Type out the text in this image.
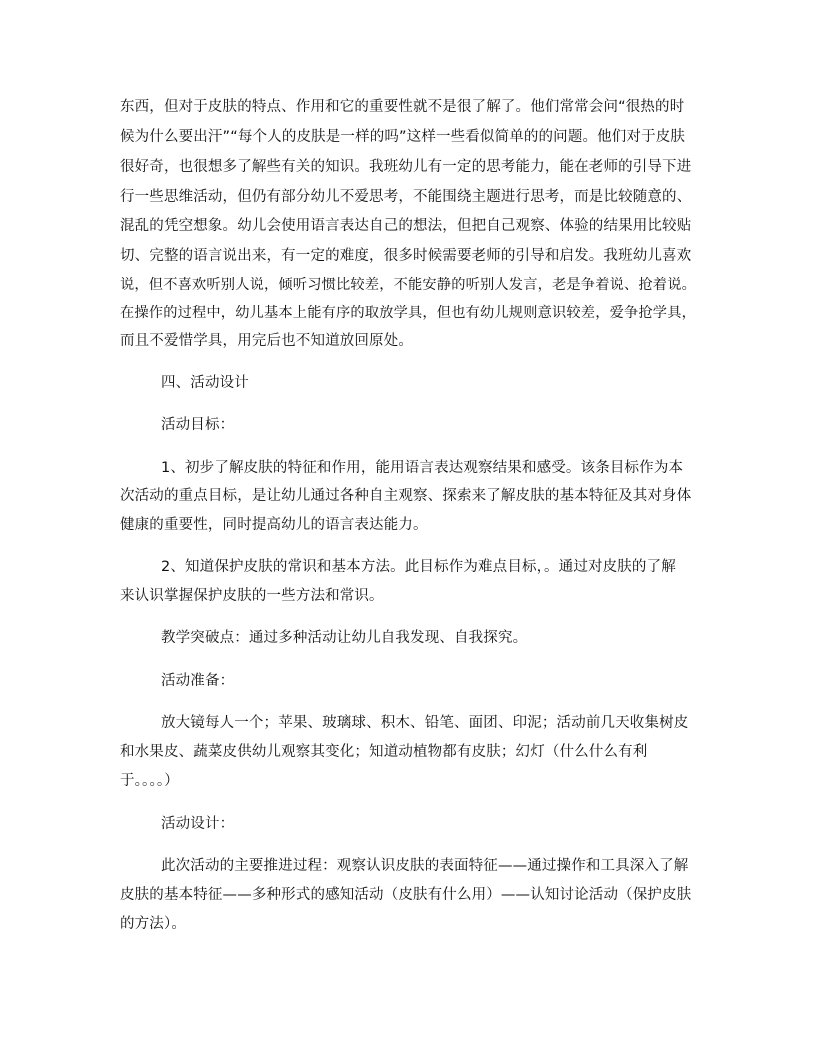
东西，但对于皮肤的特点、作用和它的重要性就不是很了解了。他们常常会问“很热的时
候为什么要出汗”“每个人的皮肤是一样的吗”这样一些看似简单的的问题。他们对于皮肤
很好奇，也很想多了解些有关的知识。我班幼儿有一定的思考能力，能在老师的引导下进
行一些思维活动，但仍有部分幼儿不爱思考，不能围绕主题进行思考，而是比较随意的、
混乱的凭空想象。幼儿会使用语言表达自己的想法，但把自己观察、体验的结果用比较贴
切、完整的语言说出来，有一定的难度，很多时候需要老师的引导和启发。我班幼儿喜欢
说，但不喜欢听别人说，倾听习惯比较差，不能安静的听别人发言，老是争着说、抢着说。
在操作的过程中，幼儿基本上能有序的取放学具，但也有幼儿规则意识较差，爱争抢学具，
而且不爱惜学具，用完后也不知道放回原处。
四、活动设计
活动目标：
1、初步了解皮肤的特征和作用，能用语言表达观察结果和感受。该条目标作为本
次活动的重点目标，是让幼儿通过各种自主观察、探索来了解皮肤的基本特征及其对身体
健康的重要性，同时提高幼儿的语言表达能力。
2、知道保护皮肤的常识和基本方法。此目标作为难点目标，。通过对皮肤的了解
来认识掌握保护皮肤的一些方法和常识。
教学突破点：通过多种活动让幼儿自我发现、自我探究。
活动准备：
放大镜每人一个；苹果、玻璃球、积木、铅笔、面团、印泥；活动前几天收集树皮
和水果皮、蔬菜皮供幼儿观察其变化；知道动植物都有皮肤；幻灯（什么什么有利
于。。。。）
活动设计：
此次活动的主要推进过程：观察认识皮肤的表面特征——通过操作和工具深入了解
皮肤的基本特征——多种形式的感知活动（皮肤有什么用）——认知讨论活动（保护皮肤
的方法）。
